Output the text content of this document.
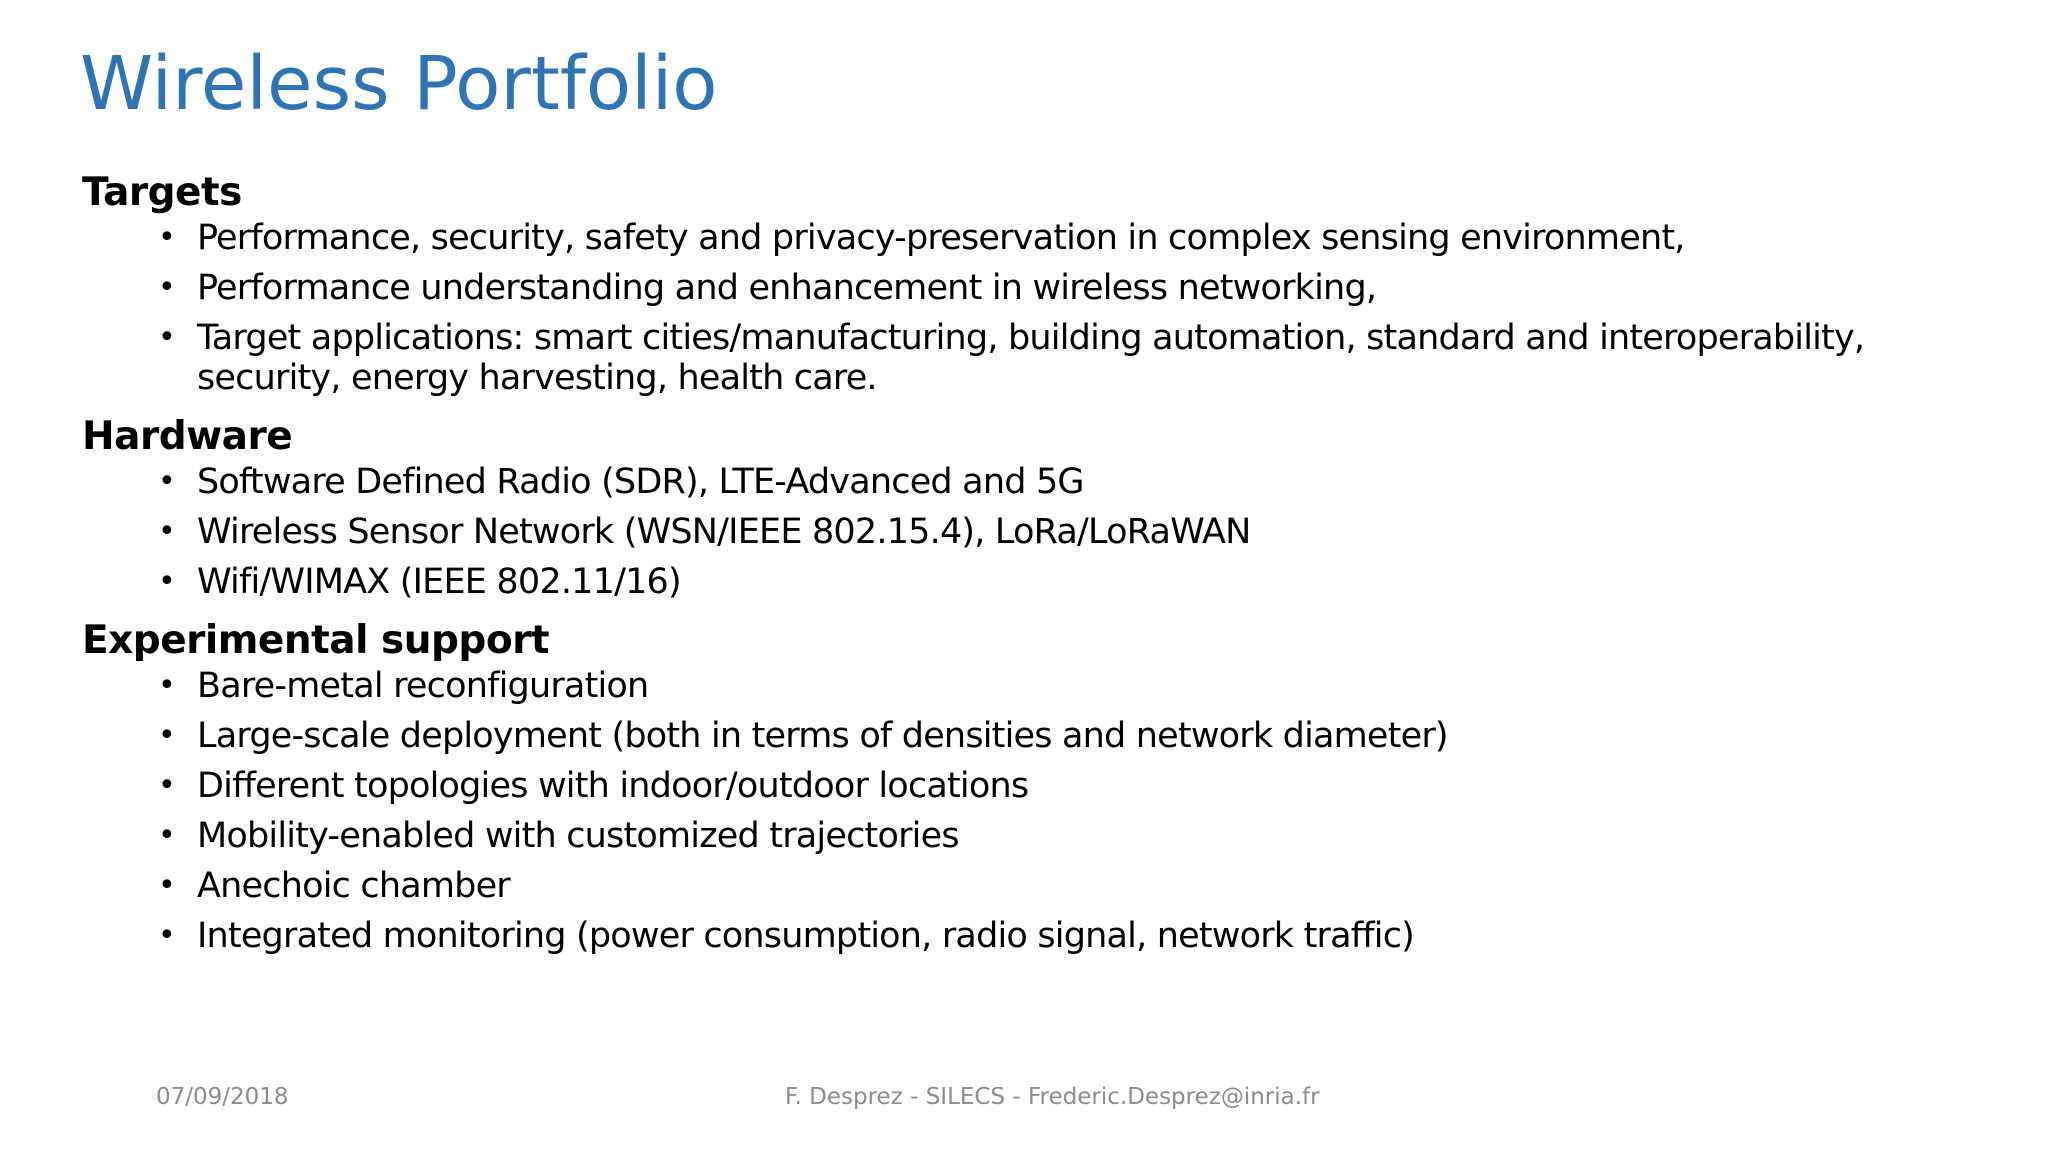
Wireless Portfolio
Targets
• Performance, security, safety and privacy-preservation in complex sensing environment,
• Performance understanding and enhancement in wireless networking,
• Target applications: smart cities/manufacturing, building automation, standard and interoperability, security, energy harvesting, health care.
Hardware
• Software Defined Radio (SDR), LTE-Advanced and 5G
• Wireless Sensor Network (WSN/IEEE 802.15.4), LoRa/LoRaWAN
• Wifi/WIMAX (IEEE 802.11/16)
Experimental support
• Bare-metal reconfiguration
• Large-scale deployment (both in terms of densities and network diameter)
• Different topologies with indoor/outdoor locations
• Mobility-enabled with customized trajectories
• Anechoic chamber
• Integrated monitoring (power consumption, radio signal, network traffic)
07/09/2018	F. Desprez - SILECS - Frederic.Desprez@inria.fr
